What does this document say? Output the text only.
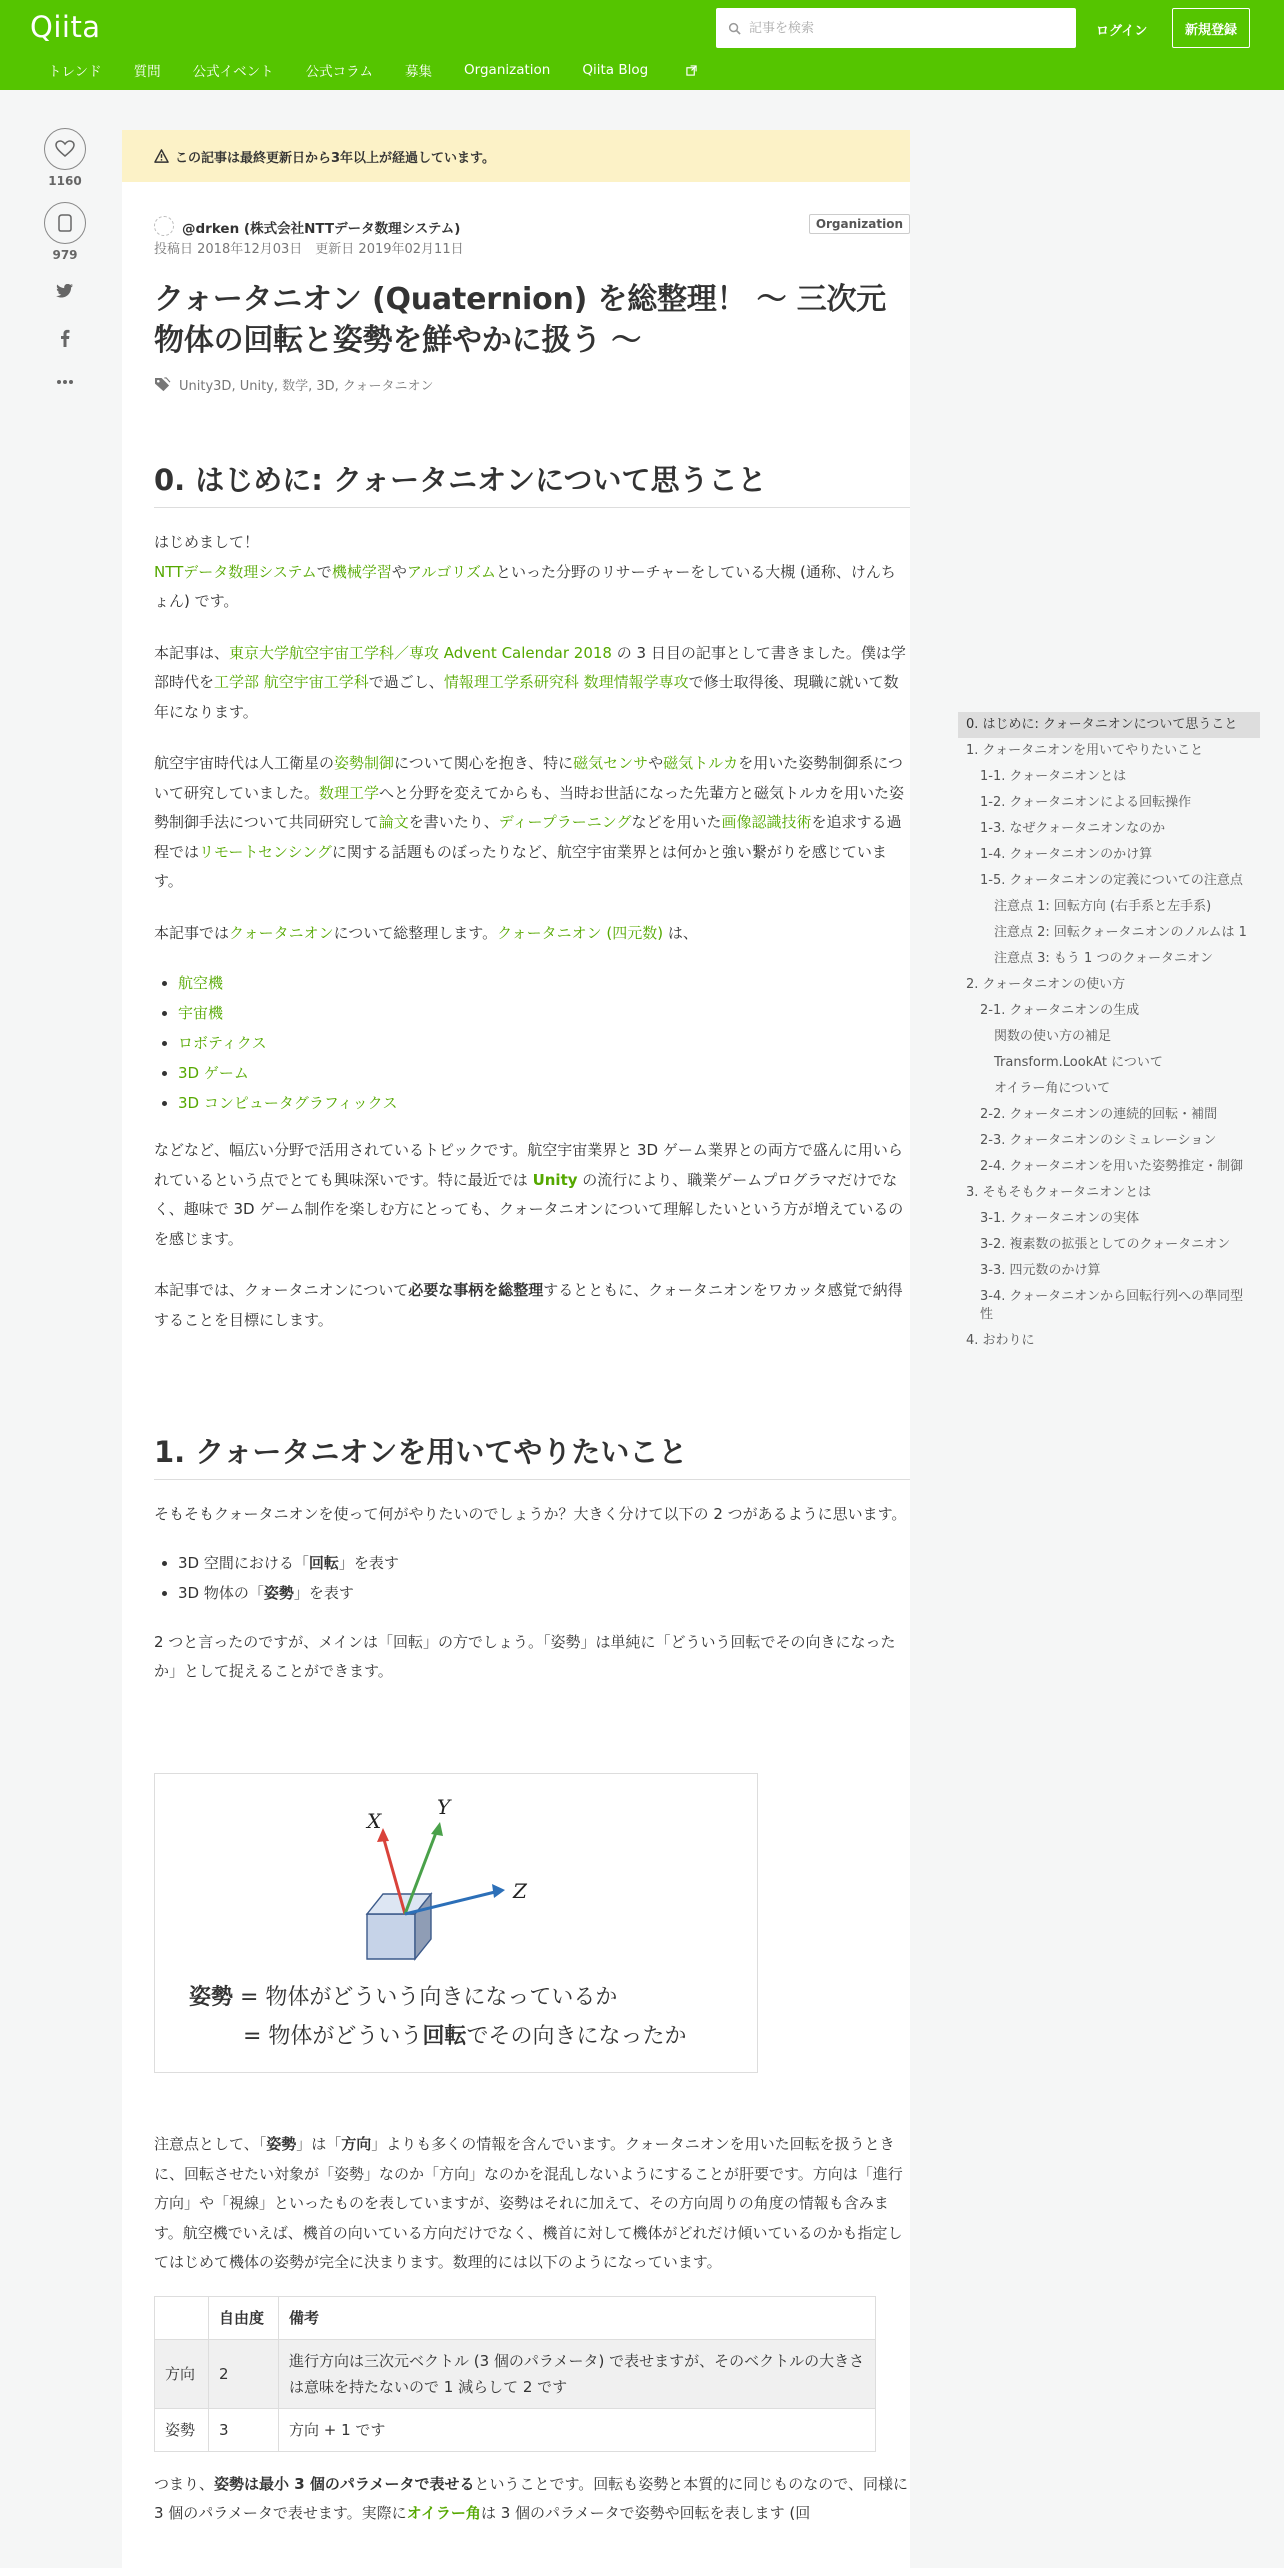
Qiita
記事を検索	ログイン	新規登録
トレンド 質問 公式イベント 公式コラム 募集 Organization Qiita Blog
1160
979
この記事は最終更新日から3年以上が経過しています。
@drken (株式会社NTTデータ数理システム)	Organization
投稿日 2018年12月03日　更新日 2019年02月11日
クォータニオン (Quaternion) を総整理！ ～ 三次元物体の回転と姿勢を鮮やかに扱う ～
Unity3D, Unity, 数学, 3D, クォータニオン
0. はじめに: クォータニオンについて思うこと

はじめまして！

NTTデータ数理システムで機械学習やアルゴリズムといった分野のリサーチャーをしている大槻 (通称、けんちょん) です。

本記事は、東京大学航空宇宙工学科／専攻 Advent Calendar 2018 の 3 日目の記事として書きました。僕は学部時代を工学部 航空宇宙工学科で過ごし、情報理工学系研究科 数理情報学専攻で修士取得後、現職に就いて数年になります。

航空宇宙時代は人工衛星の姿勢制御について関心を抱き、特に磁気センサや磁気トルカを用いた姿勢制御系について研究していました。数理工学へと分野を変えてからも、当時お世話になった先輩方と磁気トルカを用いた姿勢制御手法について共同研究して論文を書いたり、ディープラーニングなどを用いた画像認識技術を追求する過程ではリモートセンシングに関する話題ものぼったりなど、航空宇宙業界とは何かと強い繋がりを感じています。

本記事ではクォータニオンについて総整理します。クォータニオン (四元数) は、

• 航空機
• 宇宙機
• ロボティクス
• 3D ゲーム
• 3D コンピュータグラフィックス

などなど、幅広い分野で活用されているトピックです。航空宇宙業界と 3D ゲーム業界との両方で盛んに用いられているという点でとても興味深いです。特に最近では Unity の流行により、職業ゲームプログラマだけでなく、趣味で 3D ゲーム制作を楽しむ方にとっても、クォータニオンについて理解したいという方が増えているのを感じます。

本記事では、クォータニオンについて必要な事柄を総整理するとともに、クォータニオンをワカッタ感覚で納得することを目標にします。

1. クォータニオンを用いてやりたいこと

そもそもクォータニオンを使って何がやりたいのでしょうか？大きく分けて以下の 2 つがあるように思います。

• 3D 空間における「回転」を表す
• 3D 物体の「姿勢」を表す

2 つと言ったのですが、メインは「回転」の方でしょう。「姿勢」は単純に「どういう回転でその向きになったか」として捉えることができます。

X
Y
Z
姿勢 = 物体がどういう向きになっているか
= 物体がどういう回転でその向きになったか

注意点として、「姿勢」は「方向」よりも多くの情報を含んでいます。クォータニオンを用いた回転を扱うときに、回転させたい対象が「姿勢」なのか「方向」なのかを混乱しないようにすることが肝要です。方向は「進行方向」や「視線」といったものを表していますが、姿勢はそれに加えて、その方向周りの角度の情報も含みます。航空機でいえば、機首の向いている方向だけでなく、機首に対して機体がどれだけ傾いているのかも指定してはじめて機体の姿勢が完全に決まります。数理的には以下のようになっています。

	自由度	備考
方向	2	進行方向は三次元ベクトル (3 個のパラメータ) で表せますが、そのベクトルの大きさは意味を持たないので 1 減らして 2 です
姿勢	3	方向 + 1 です

つまり、姿勢は最小 3 個のパラメータで表せるということです。回転も姿勢と本質的に同じものなので、同様に 3 個のパラメータで表せます。実際にオイラー角は 3 個のパラメータで姿勢や回転を表します (回

0. はじめに: クォータニオンについて思うこと
1. クォータニオンを用いてやりたいこと
1-1. クォータニオンとは
1-2. クォータニオンによる回転操作
1-3. なぜクォータニオンなのか
1-4. クォータニオンのかけ算
1-5. クォータニオンの定義についての注意点
注意点 1: 回転方向 (右手系と左手系)
注意点 2: 回転クォータニオンのノルムは 1
注意点 3: もう 1 つのクォータニオン
2. クォータニオンの使い方
2-1. クォータニオンの生成
関数の使い方の補足
Transform.LookAt について
オイラー角について
2-2. クォータニオンの連続的回転・補間
2-3. クォータニオンのシミュレーション
2-4. クォータニオンを用いた姿勢推定・制御
3. そもそもクォータニオンとは
3-1. クォータニオンの実体
3-2. 複素数の拡張としてのクォータニオン
3-3. 四元数のかけ算
3-4. クォータニオンから回転行列への準同型性
4. おわりに
